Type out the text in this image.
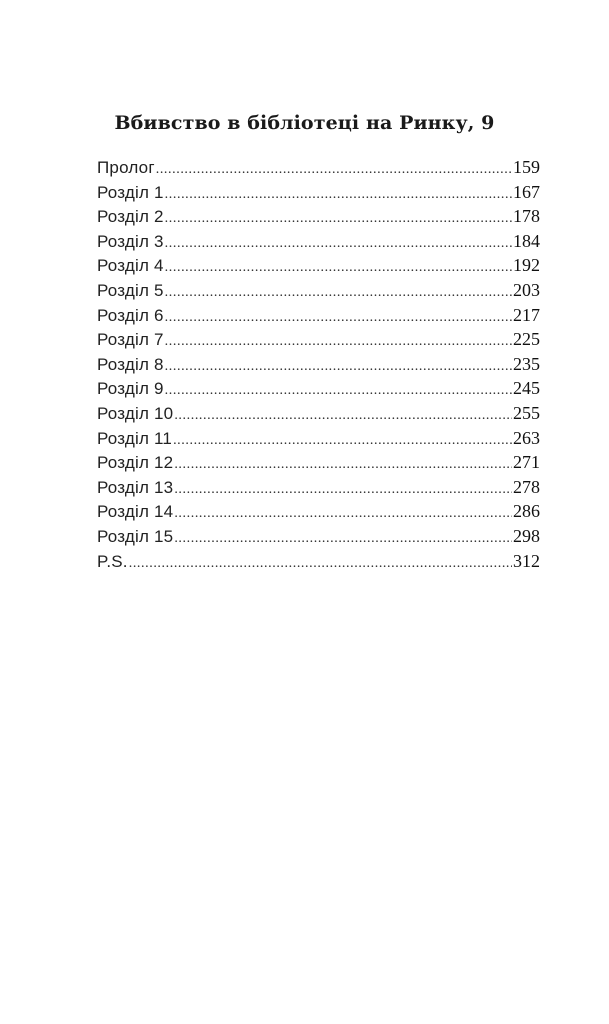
Вбивство в бібліотеці на Ринку, 9
Пролог .....	159
Розділ 1 .....	167
Розділ 2 .....	178
Розділ 3 .....	184
Розділ 4 .....	192
Розділ 5 .....	203
Розділ 6 .....	217
Розділ 7 .....	225
Розділ 8 .....	235
Розділ 9 .....	245
Розділ 10 .....	255
Розділ 11 .....	263
Розділ 12 .....	271
Розділ 13 .....	278
Розділ 14 .....	286
Розділ 15 .....	298
P.S. .....	312
